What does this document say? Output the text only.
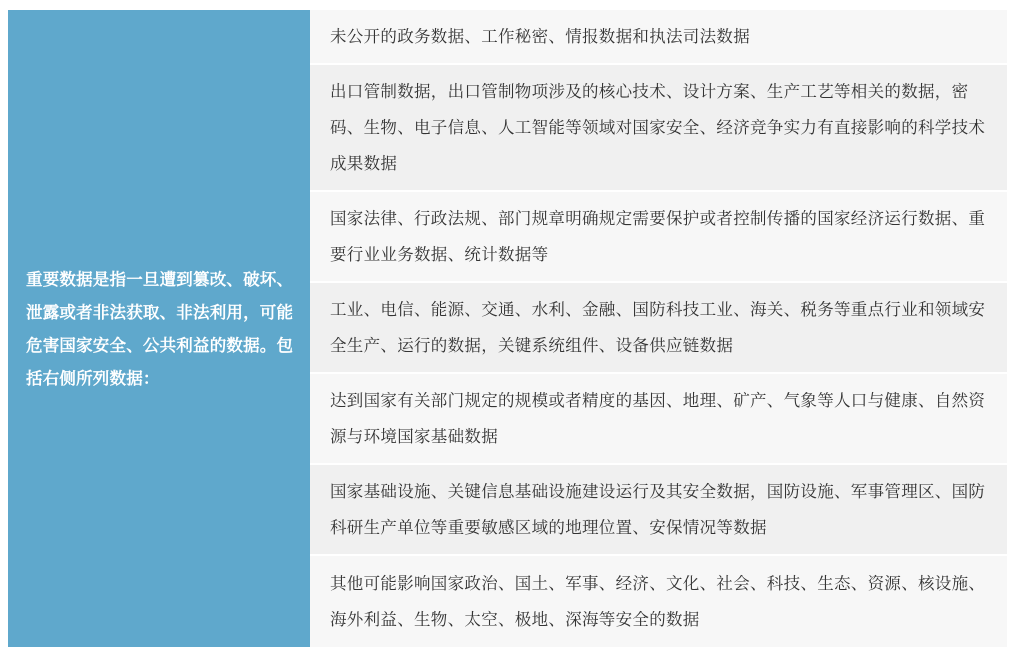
重要数据是指一旦遭到篡改、破坏、泄露或者非法获取、非法利用，可能危害国家安全、公共利益的数据。包括右侧所列数据：
未公开的政务数据、工作秘密、情报数据和执法司法数据
出口管制数据，出口管制物项涉及的核心技术、设计方案、生产工艺等相关的数据，密码、生物、电子信息、人工智能等领域对国家安全、经济竞争实力有直接影响的科学技术成果数据
国家法律、行政法规、部门规章明确规定需要保护或者控制传播的国家经济运行数据、重要行业业务数据、统计数据等
工业、电信、能源、交通、水利、金融、国防科技工业、海关、税务等重点行业和领域安全生产、运行的数据，关键系统组件、设备供应链数据
达到国家有关部门规定的规模或者精度的基因、地理、矿产、气象等人口与健康、自然资源与环境国家基础数据
国家基础设施、关键信息基础设施建设运行及其安全数据，国防设施、军事管理区、国防科研生产单位等重要敏感区域的地理位置、安保情况等数据
其他可能影响国家政治、国土、军事、经济、文化、社会、科技、生态、资源、核设施、海外利益、生物、太空、极地、深海等安全的数据
